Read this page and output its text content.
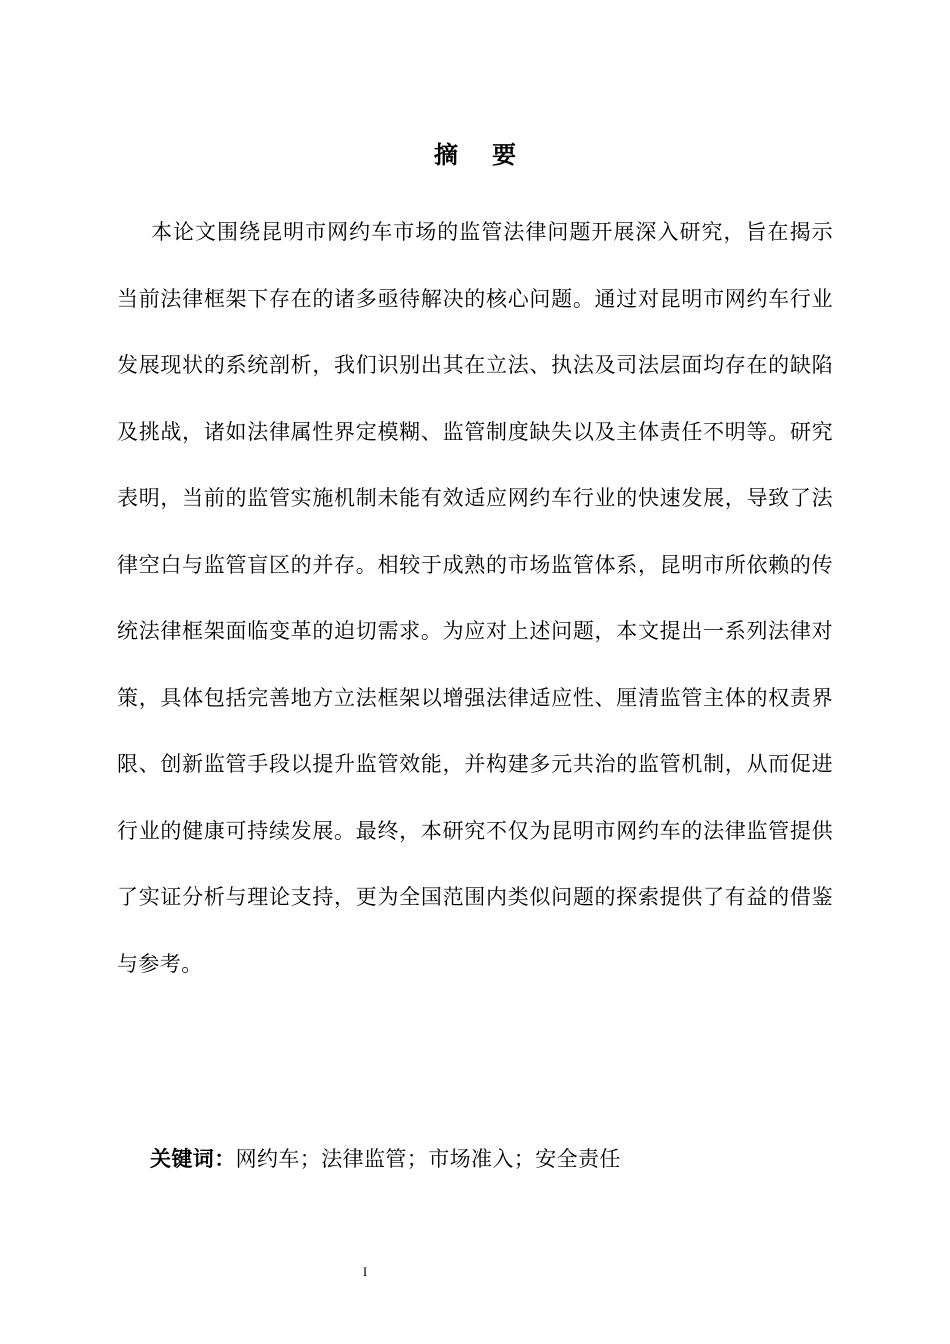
摘 要

本论文围绕昆明市网约车市场的监管法律问题开展深入研究，旨在揭示当前法律框架下存在的诸多亟待解决的核心问题。通过对昆明市网约车行业发展现状的系统剖析，我们识别出其在立法、执法及司法层面均存在的缺陷及挑战，诸如法律属性界定模糊、监管制度缺失以及主体责任不明等。研究表明，当前的监管实施机制未能有效适应网约车行业的快速发展，导致了法律空白与监管盲区的并存。相较于成熟的市场监管体系，昆明市所依赖的传统法律框架面临变革的迫切需求。为应对上述问题，本文提出一系列法律对策，具体包括完善地方立法框架以增强法律适应性、厘清监管主体的权责界限、创新监管手段以提升监管效能，并构建多元共治的监管机制，从而促进行业的健康可持续发展。最终，本研究不仅为昆明市网约车的法律监管提供了实证分析与理论支持，更为全国范围内类似问题的探索提供了有益的借鉴与参考。

关键词：网约车；法律监管；市场准入；安全责任

I
